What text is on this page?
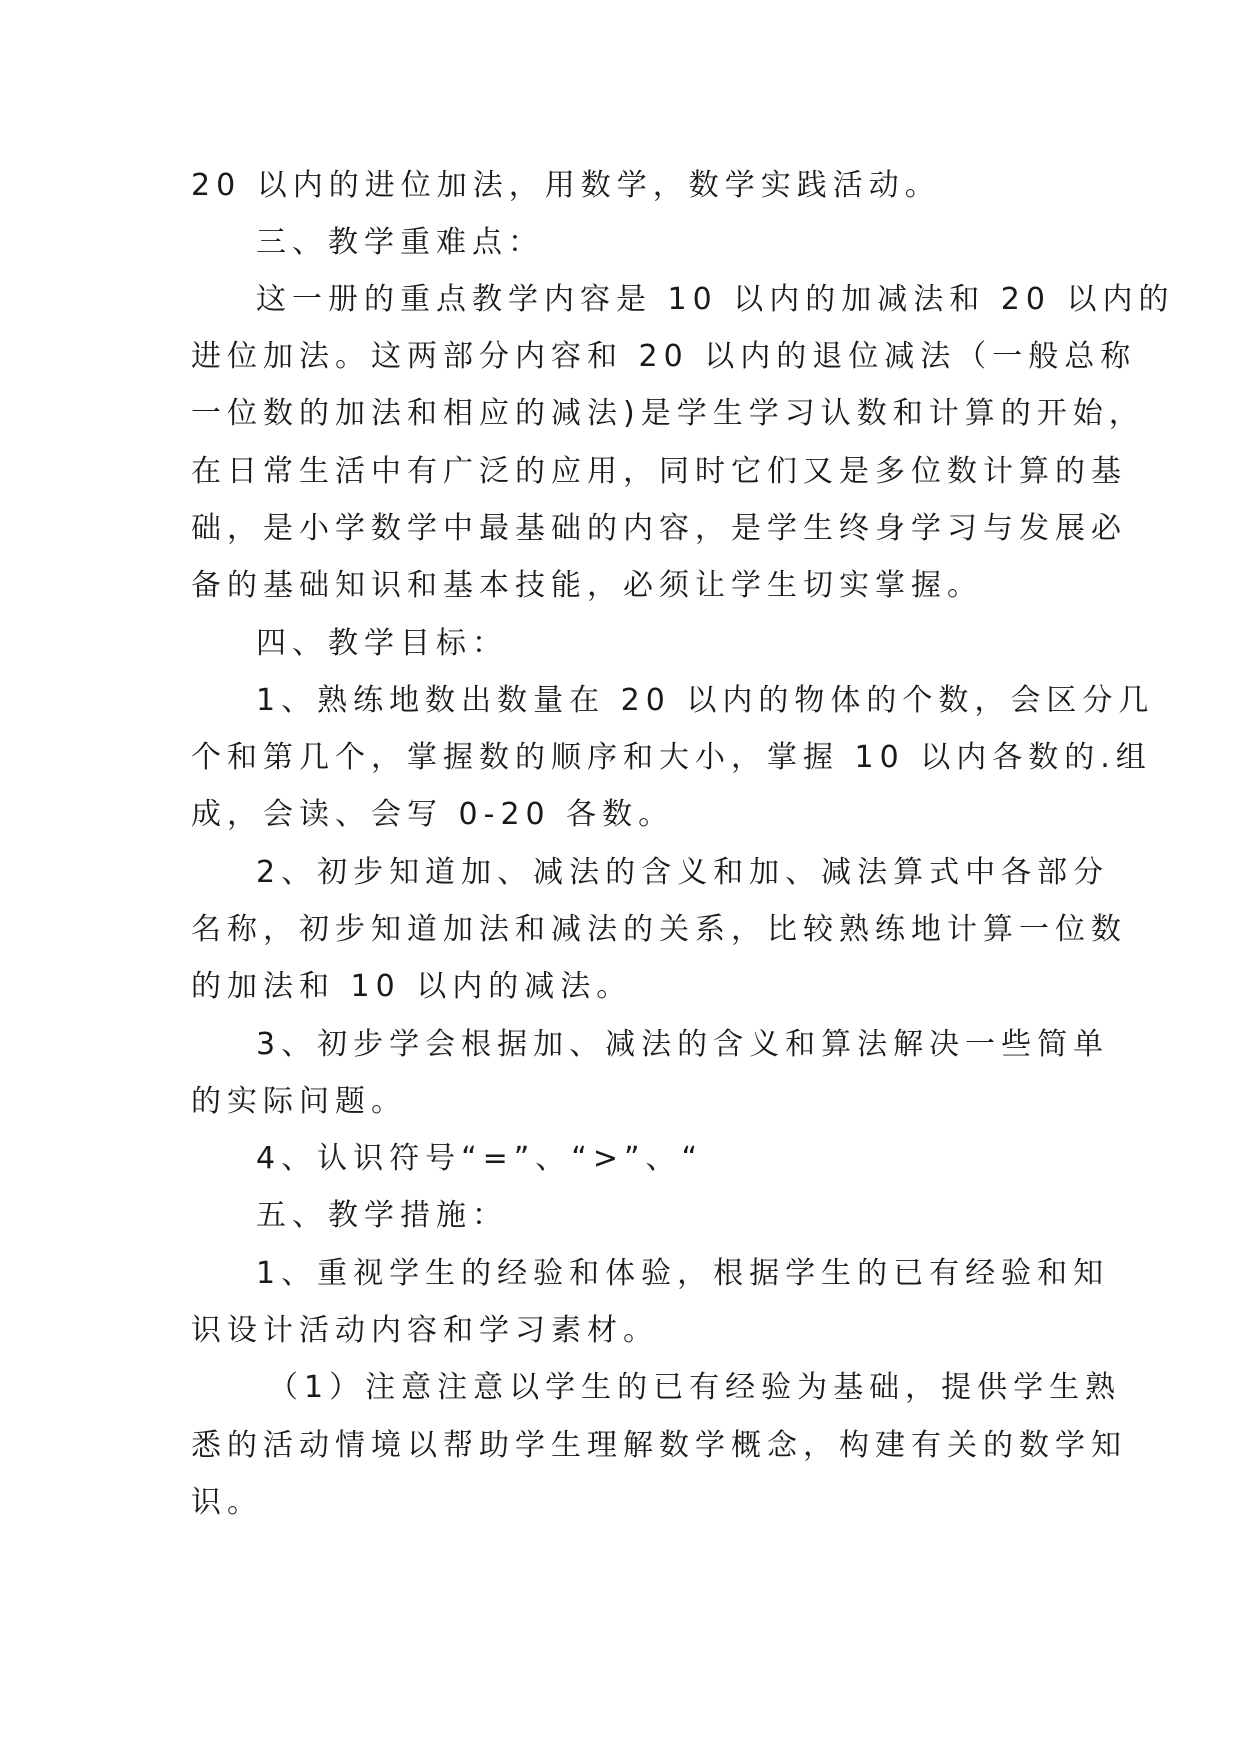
20 以内的进位加法，用数学，数学实践活动。
三、教学重难点：
这一册的重点教学内容是 10 以内的加减法和 20 以内的
进位加法。这两部分内容和 20 以内的退位减法（一般总称
一位数的加法和相应的减法)是学生学习认数和计算的开始，
在日常生活中有广泛的应用，同时它们又是多位数计算的基
础，是小学数学中最基础的内容，是学生终身学习与发展必
备的基础知识和基本技能，必须让学生切实掌握。
四、教学目标：
1、熟练地数出数量在 20 以内的物体的个数，会区分几
个和第几个，掌握数的顺序和大小，掌握 10 以内各数的.组
成，会读、会写 0-20 各数。
2、初步知道加、减法的含义和加、减法算式中各部分
名称，初步知道加法和减法的关系，比较熟练地计算一位数
的加法和 10 以内的减法。
3、初步学会根据加、减法的含义和算法解决一些简单
的实际问题。
4、认识符号“=”、“>”、“
五、教学措施：
1、重视学生的经验和体验，根据学生的已有经验和知
识设计活动内容和学习素材。
（1）注意注意以学生的已有经验为基础，提供学生熟
悉的活动情境以帮助学生理解数学概念，构建有关的数学知
识。
